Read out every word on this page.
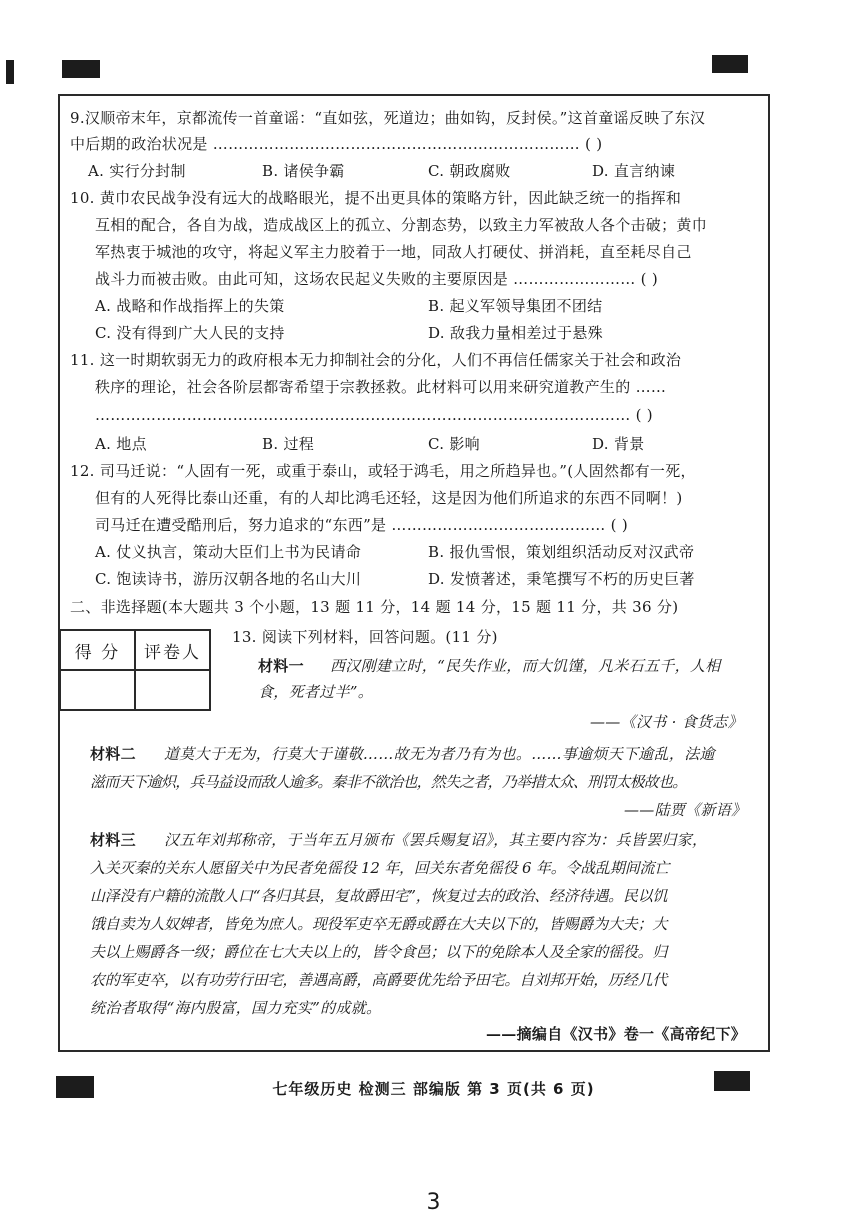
9.汉顺帝末年，京都流传一首童谣：“直如弦，死道边；曲如钩，反封侯。”这首童谣反映了东汉
中后期的政治状况是 ……………………………………………………………… ( )
A. 实行分封制	B. 诸侯争霸	C. 朝政腐败	D. 直言纳谏
10. 黄巾农民战争没有远大的战略眼光，提不出更具体的策略方针，因此缺乏统一的指挥和
互相的配合，各自为战，造成战区上的孤立、分割态势，以致主力军被敌人各个击破；黄巾
军热衷于城池的攻守，将起义军主力胶着于一地，同敌人打硬仗、拼消耗，直至耗尽自己
战斗力而被击败。由此可知，这场农民起义失败的主要原因是 …………………… ( )
A. 战略和作战指挥上的失策	B. 起义军领导集团不团结
C. 没有得到广大人民的支持	D. 敌我力量相差过于悬殊
11. 这一时期软弱无力的政府根本无力抑制社会的分化，人们不再信任儒家关于社会和政治
秩序的理论，社会各阶层都寄希望于宗教拯救。此材料可以用来研究道教产生的 ……
…………………………………………………………………………………………… ( )
A. 地点	B. 过程	C. 影响	D. 背景
12. 司马迁说：“人固有一死，或重于泰山，或轻于鸿毛，用之所趋异也。”(人固然都有一死，
但有的人死得比泰山还重，有的人却比鸿毛还轻，这是因为他们所追求的东西不同啊！)
司马迁在遭受酷刑后，努力追求的“东西”是 …………………………………… ( )
A. 仗义执言，策动大臣们上书为民请命	B. 报仇雪恨，策划组织活动反对汉武帝
C. 饱读诗书，游历汉朝各地的名山大川	D. 发愤著述，秉笔撰写不朽的历史巨著
二、非选择题(本大题共 3 个小题，13 题 11 分，14 题 14 分，15 题 11 分，共 36 分)
得 分	评卷人

13. 阅读下列材料，回答问题。(11 分)
材料一 西汉刚建立时，“民失作业，而大饥馑，凡米石五千，人相
食，死者过半”。
——《汉书 · 食货志》
材料二 道莫大于无为，行莫大于谨敬……故无为者乃有为也。……事逾烦天下逾乱，法逾
滋而天下逾炽，兵马益设而敌人逾多。秦非不欲治也，然失之者，乃举措太众、刑罚太极故也。
——陆贾《新语》
材料三 汉五年刘邦称帝，于当年五月颁布《罢兵赐复诏》，其主要内容为：兵皆罢归家，
入关灭秦的关东人愿留关中为民者免徭役 12 年，回关东者免徭役 6 年。令战乱期间流亡
山泽没有户籍的流散人口“各归其县，复故爵田宅”，恢复过去的政治、经济待遇。民以饥
饿自卖为人奴婢者，皆免为庶人。现役军吏卒无爵或爵在大夫以下的，皆赐爵为大夫；大
夫以上赐爵各一级；爵位在七大夫以上的，皆令食邑；以下的免除本人及全家的徭役。归
农的军吏卒，以有功劳行田宅，善遇高爵，高爵要优先给予田宅。自刘邦开始，历经几代
统治者取得“海内殷富，国力充实”的成就。
——摘编自《汉书》卷一《高帝纪下》
七年级历史 检测三 部编版 第 3 页(共 6 页)
3
